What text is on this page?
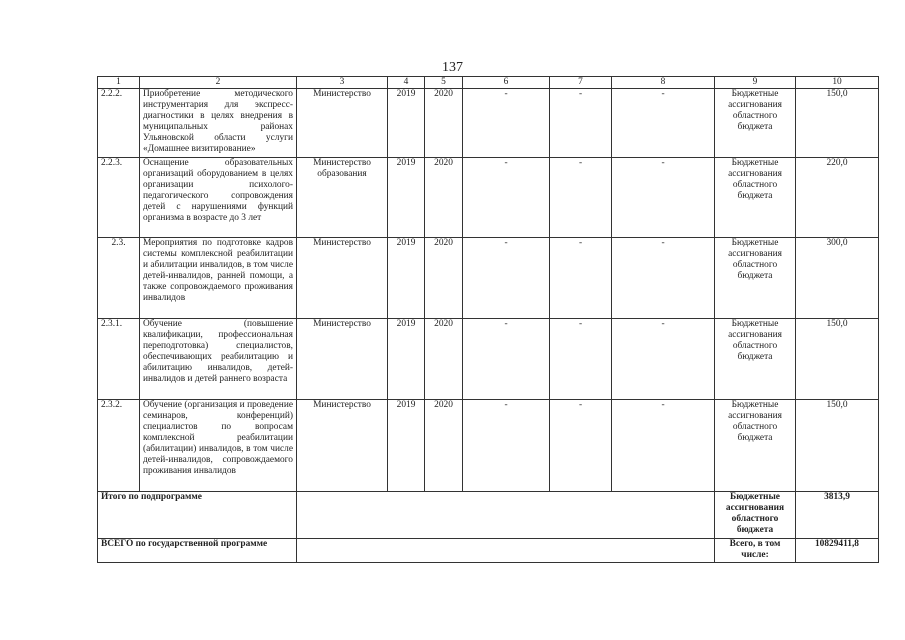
137
1	2	3	4	5	6	7	8	9	10
2.2.2.	Приобретение методического инструментария для экспресс-диагностики в целях внедрения в муниципальных районах Ульяновской области услуги «Домашнее визитирование»	Министерство	2019	2020	-	-	-	Бюджетные ассигнования областного бюджета	150,0
2.2.3.	Оснащение образовательных организаций оборудованием в целях организации психолого-педагогического сопровождения детей с нарушениями функций организма в возрасте до 3 лет	Министерство образования	2019	2020	-	-	-	Бюджетные ассигнования областного бюджета	220,0
2.3.	Мероприятия по подготовке кадров системы комплексной реабилитации и абилитации инвалидов, в том числе детей-инвалидов, ранней помощи, а также сопровождаемого проживания инвалидов	Министерство	2019	2020	-	-	-	Бюджетные ассигнования областного бюджета	300,0
2.3.1.	Обучение (повышение квалификации, профессиональная переподготовка) специалистов, обеспечивающих реабилитацию и абилитацию инвалидов, детей-инвалидов и детей раннего возраста	Министерство	2019	2020	-	-	-	Бюджетные ассигнования областного бюджета	150,0
2.3.2.	Обучение (организация и проведение семинаров, конференций) специалистов по вопросам комплексной реабилитации (абилитации) инвалидов, в том числе детей-инвалидов, сопровождаемого проживания инвалидов	Министерство	2019	2020	-	-	-	Бюджетные ассигнования областного бюджета	150,0
Итого по подпрограмме								Бюджетные ассигнования областного бюджета	3813,9
ВСЕГО по государственной программе								Всего, в том числе:	10829411,8
